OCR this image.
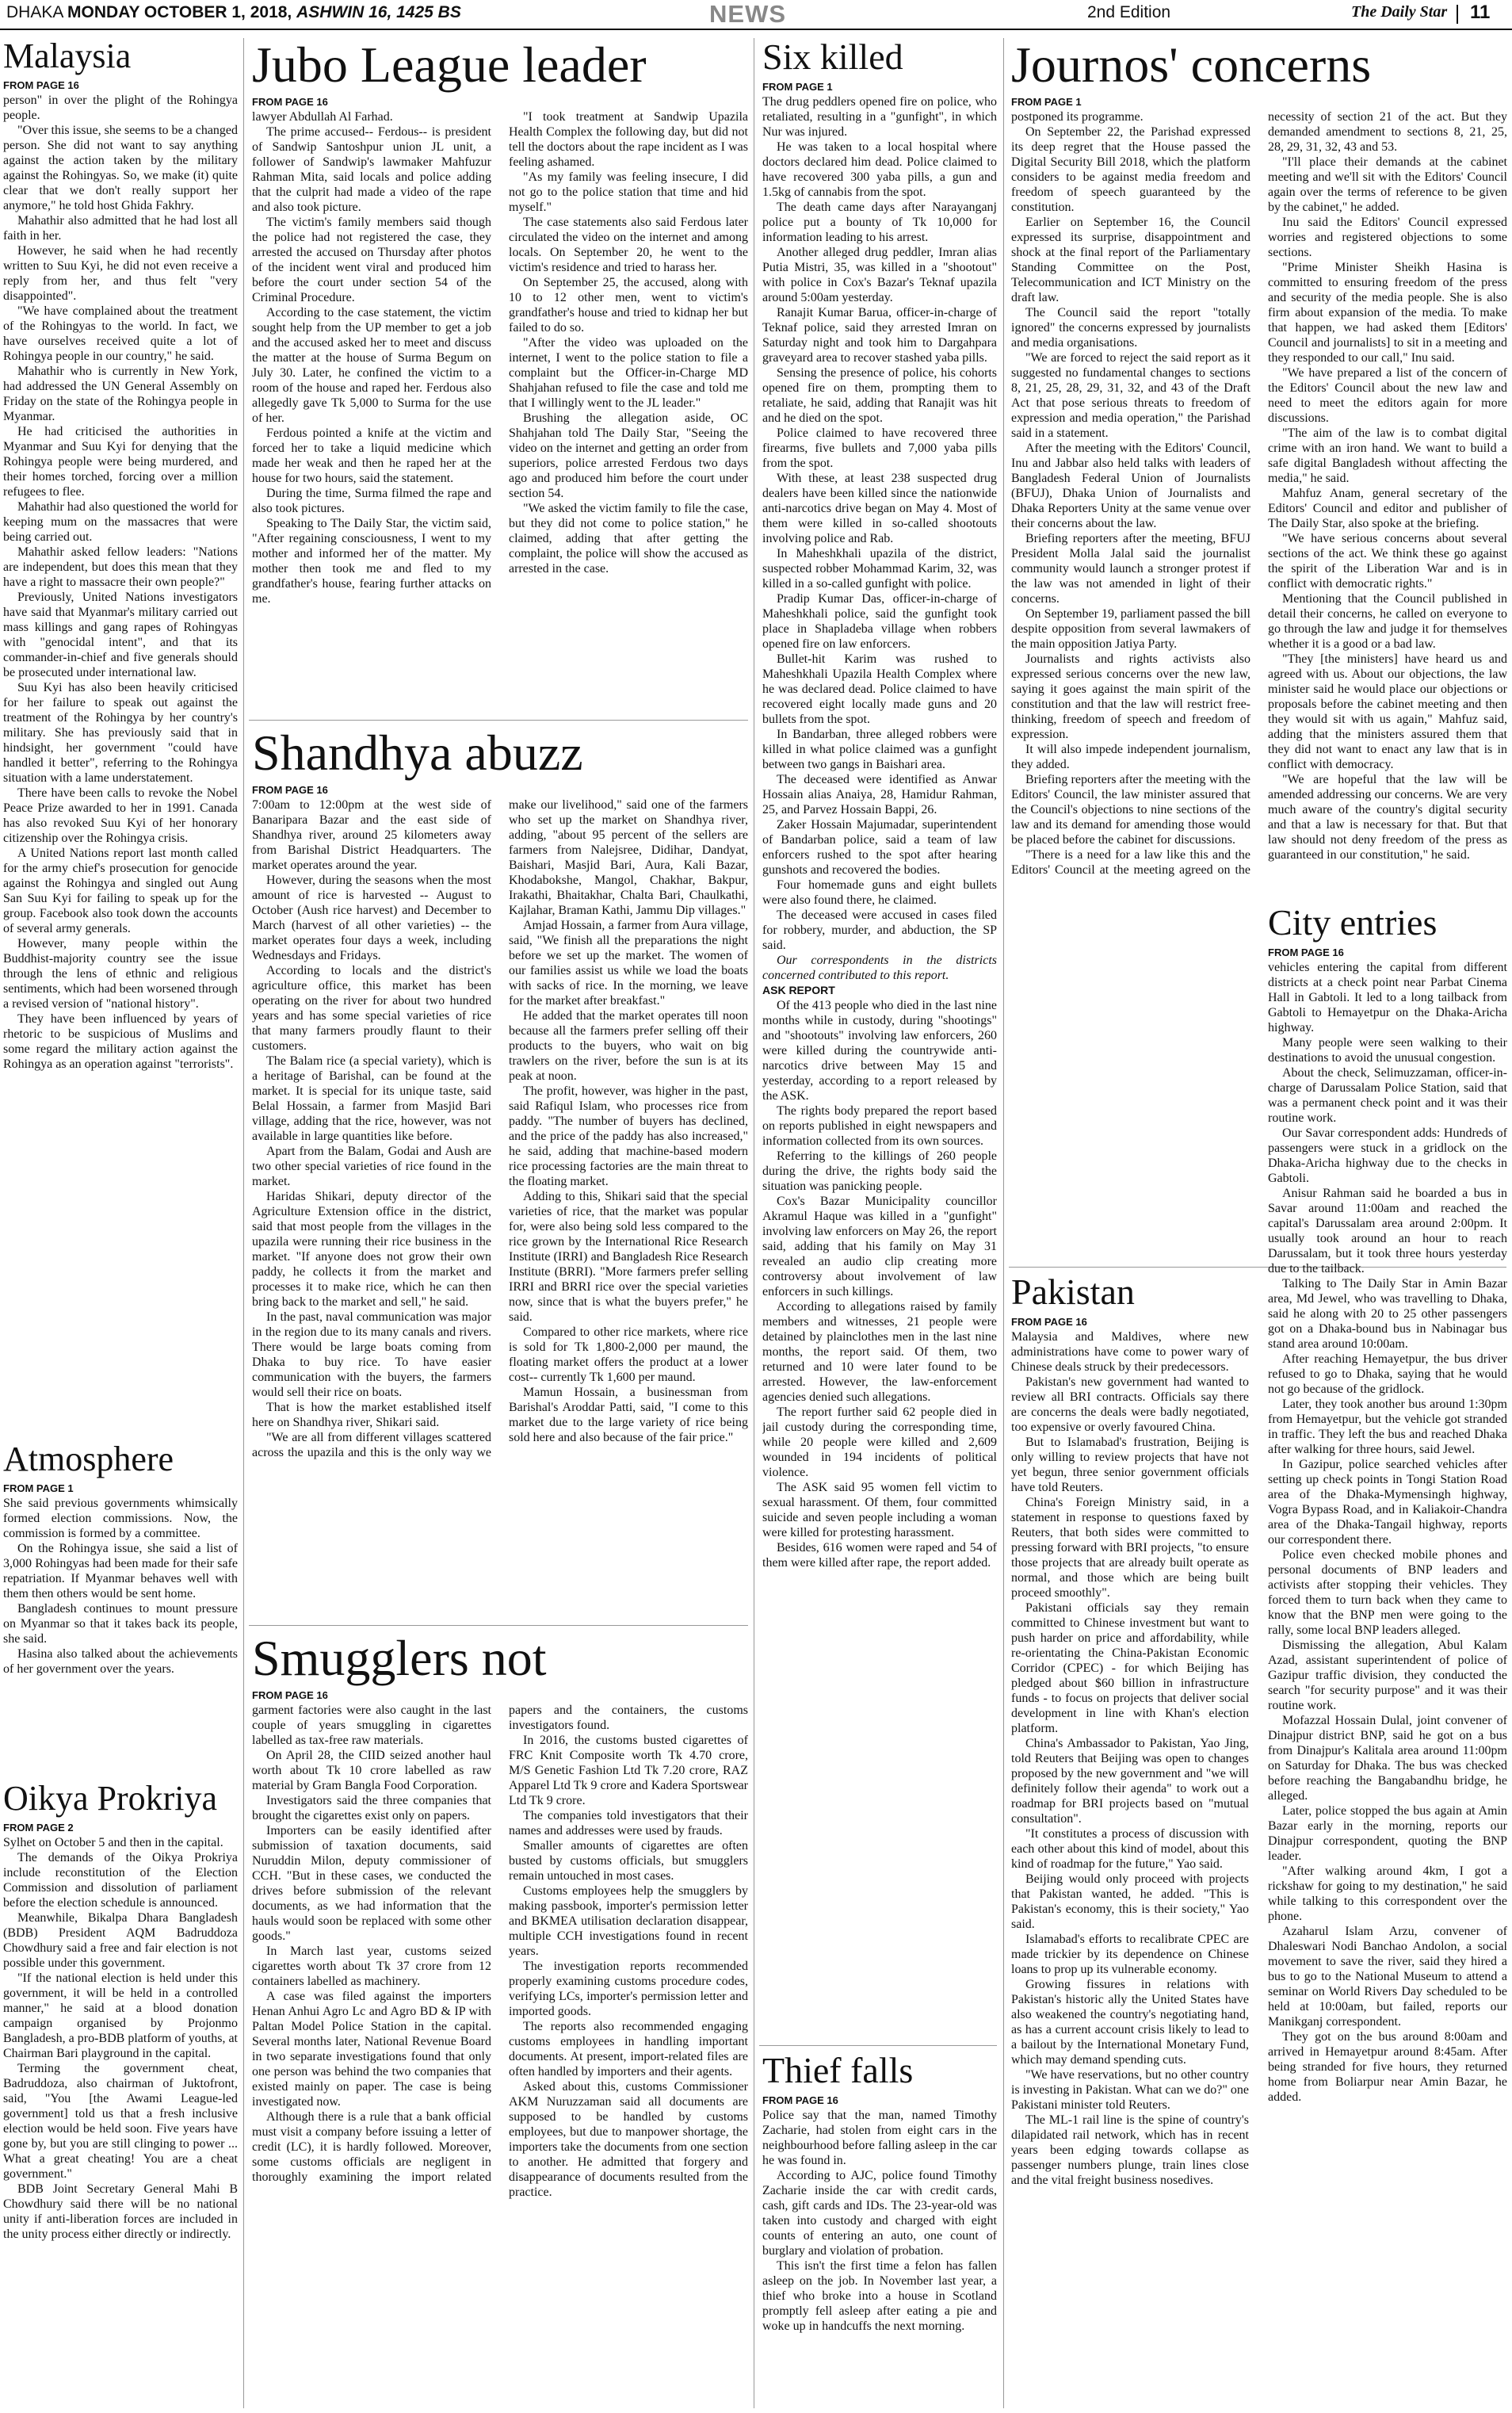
DHAKA MONDAY OCTOBER 1, 2018, ASHWIN 16, 1425 BS	NEWS	2nd Edition	The Daily Star 11
Malaysia
FROM PAGE 16

person" in over the plight of the Rohingya people.

"Over this issue, she seems to be a changed person. She did not want to say anything against the action taken by the military against the Rohingyas. So, we make (it) quite clear that we don't really support her anymore," he told host Ghida Fakhry.

Mahathir also admitted that he had lost all faith in her.

However, he said when he had recently written to Suu Kyi, he did not even receive a reply from her, and thus felt "very disappointed".

"We have complained about the treatment of the Rohingyas to the world. In fact, we have ourselves received quite a lot of Rohingya people in our country," he said.

Mahathir who is currently in New York, had addressed the UN General Assembly on Friday on the state of the Rohingya people in Myanmar.

He had criticised the authorities in Myanmar and Suu Kyi for denying that the Rohingya people were being murdered, and their homes torched, forcing over a million refugees to flee.

Mahathir had also questioned the world for keeping mum on the massacres that were being carried out.

Mahathir asked fellow leaders: "Nations are independent, but does this mean that they have a right to massacre their own people?"

Previously, United Nations investigators have said that Myanmar's military carried out mass killings and gang rapes of Rohingyas with "genocidal intent", and that its commander-in-chief and five generals should be prosecuted under international law.

Suu Kyi has also been heavily criticised for her failure to speak out against the treatment of the Rohingya by her country's military. She has previously said that in hindsight, her government "could have handled it better", referring to the Rohingya situation with a lame understatement.

There have been calls to revoke the Nobel Peace Prize awarded to her in 1991. Canada has also revoked Suu Kyi of her honorary citizenship over the Rohingya crisis.

A United Nations report last month called for the army chief's prosecution for genocide against the Rohingya and singled out Aung San Suu Kyi for failing to speak up for the group. Facebook also took down the accounts of several army generals.

However, many people within the Buddhist-majority country see the issue through the lens of ethnic and religious sentiments, which had been worsened through a revised version of "national history".

They have been influenced by years of rhetoric to be suspicious of Muslims and some regard the military action against the Rohingya as an operation against "terrorists".

Atmosphere
FROM PAGE 1

She said previous governments whimsically formed election commissions. Now, the commission is formed by a committee.

On the Rohingya issue, she said a list of 3,000 Rohingyas had been made for their safe repatriation. If Myanmar behaves well with them then others would be sent home.

Bangladesh continues to mount pressure on Myanmar so that it takes back its people, she said.

Hasina also talked about the achievements of her government over the years.

Oikya Prokriya
FROM PAGE 2

Sylhet on October 5 and then in the capital.

The demands of the Oikya Prokriya include reconstitution of the Election Commission and dissolution of parliament before the election schedule is announced.

Meanwhile, Bikalpa Dhara Bangladesh (BDB) President AQM Badruddoza Chowdhury said a free and fair election is not possible under this government.

"If the national election is held under this government, it will be held in a controlled manner," he said at a blood donation campaign organised by Projonmo Bangladesh, a pro-BDB platform of youths, at Chairman Bari playground in the capital.

Terming the government cheat, Badruddoza, also chairman of Juktofront, said, "You [the Awami League-led government] told us that a fresh inclusive election would be held soon. Five years have gone by, but you are still clinging to power ... What a great cheating! You are a cheat government."

BDB Joint Secretary General Mahi B Chowdhury said there will be no national unity if anti-liberation forces are included in the unity process either directly or indirectly.

Jubo League leader
FROM PAGE 16

lawyer Abdullah Al Farhad.

The prime accused-- Ferdous-- is president of Sandwip Santoshpur union JL unit, a follower of Sandwip's lawmaker Mahfuzur Rahman Mita, said locals and police adding that the culprit had made a video of the rape and also took picture.

The victim's family members said though the police had not registered the case, they arrested the accused on Thursday after photos of the incident went viral and produced him before the court under section 54 of the Criminal Procedure.

According to the case statement, the victim sought help from the UP member to get a job and the accused asked her to meet and discuss the matter at the house of Surma Begum on July 30. Later, he confined the victim to a room of the house and raped her. Ferdous also allegedly gave Tk 5,000 to Surma for the use of her.

Ferdous pointed a knife at the victim and forced her to take a liquid medicine which made her weak and then he raped her at the house for two hours, said the statement.

During the time, Surma filmed the rape and also took pictures.

Speaking to The Daily Star, the victim said, "After regaining consciousness, I went to my mother and informed her of the matter. My mother then took me and fled to my grandfather's house, fearing further attacks on me.

"I took treatment at Sandwip Upazila Health Complex the following day, but did not tell the doctors about the rape incident as I was feeling ashamed.

"As my family was feeling insecure, I did not go to the police station that time and hid myself."

The case statements also said Ferdous later circulated the video on the internet and among locals. On September 20, he went to the victim's residence and tried to harass her.

On September 25, the accused, along with 10 to 12 other men, went to victim's grandfather's house and tried to kidnap her but failed to do so.

"After the video was uploaded on the internet, I went to the police station to file a complaint but the Officer-in-Charge MD Shahjahan refused to file the case and told me that I willingly went to the JL leader."

Brushing the allegation aside, OC Shahjahan told The Daily Star, "Seeing the video on the internet and getting an order from superiors, police arrested Ferdous two days ago and produced him before the court under section 54.

"We asked the victim family to file the case, but they did not come to police station," he claimed, adding that after getting the complaint, the police will show the accused as arrested in the case.

Shandhya abuzz
FROM PAGE 16

7:00am to 12:00pm at the west side of Banaripara Bazar and the east side of Shandhya river, around 25 kilometers away from Barishal District Headquarters. The market operates around the year.

However, during the seasons when the most amount of rice is harvested -- August to October (Aush rice harvest) and December to March (harvest of all other varieties) -- the market operates four days a week, including Wednesdays and Fridays.

According to locals and the district's agriculture office, this market has been operating on the river for about two hundred years and has some special varieties of rice that many farmers proudly flaunt to their customers.

The Balam rice (a special variety), which is a heritage of Barishal, can be found at the market. It is special for its unique taste, said Belal Hossain, a farmer from Masjid Bari village, adding that the rice, however, was not available in large quantities like before.

Apart from the Balam, Godai and Aush are two other special varieties of rice found in the market.

Haridas Shikari, deputy director of the Agriculture Extension office in the district, said that most people from the villages in the upazila were running their rice business in the market. "If anyone does not grow their own paddy, he collects it from the market and processes it to make rice, which he can then bring back to the market and sell," he said.

In the past, naval communication was major in the region due to its many canals and rivers. There would be large boats coming from Dhaka to buy rice. To have easier communication with the buyers, the farmers would sell their rice on boats.

That is how the market established itself here on Shandhya river, Shikari said.

"We are all from different villages scattered across the upazila and this is the only way we make our livelihood," said one of the farmers who set up the market on Shandhya river, adding, "about 95 percent of the sellers are farmers from Nalejsree, Didihar, Dandyat, Baishari, Masjid Bari, Aura, Kali Bazar, Khodabokshe, Mangol, Chakhar, Bakpur, Irakathi, Bhaitakhar, Chalta Bari, Chaulkathi, Kajlahar, Braman Kathi, Jammu Dip villages."

Amjad Hossain, a farmer from Aura village, said, "We finish all the preparations the night before we set up the market. The women of our families assist us while we load the boats with sacks of rice. In the morning, we leave for the market after breakfast."

He added that the market operates till noon because all the farmers prefer selling off their products to the buyers, who wait on big trawlers on the river, before the sun is at its peak at noon.

The profit, however, was higher in the past, said Rafiqul Islam, who processes rice from paddy. "The number of buyers has declined, and the price of the paddy has also increased," he said, adding that machine-based modern rice processing factories are the main threat to the floating market.

Adding to this, Shikari said that the special varieties of rice, that the market was popular for, were also being sold less compared to the rice grown by the International Rice Research Institute (IRRI) and Bangladesh Rice Research Institute (BRRI). "More farmers prefer selling IRRI and BRRI rice over the special varieties now, since that is what the buyers prefer," he said.

Compared to other rice markets, where rice is sold for Tk 1,800-2,000 per maund, the floating market offers the product at a lower cost-- currently Tk 1,600 per maund.

Mamun Hossain, a businessman from Barishal's Aroddar Patti, said, "I come to this market due to the large variety of rice being sold here and also because of the fair price."

Smugglers not
FROM PAGE 16

garment factories were also caught in the last couple of years smuggling in cigarettes labelled as tax-free raw materials.

On April 28, the CIID seized another haul worth about Tk 10 crore labelled as raw material by Gram Bangla Food Corporation.

Investigators said the three companies that brought the cigarettes exist only on papers.

Importers can be easily identified after submission of taxation documents, said Nuruddin Milon, deputy commissioner of CCH. "But in these cases, we conducted the drives before submission of the relevant documents, as we had information that the hauls would soon be replaced with some other goods."

In March last year, customs seized cigarettes worth about Tk 37 crore from 12 containers labelled as machinery.

A case was filed against the importers Henan Anhui Agro Lc and Agro BD & IP with Paltan Model Police Station in the capital. Several months later, National Revenue Board in two separate investigations found that only one person was behind the two companies that existed mainly on paper. The case is being investigated now.

Although there is a rule that a bank official must visit a company before issuing a letter of credit (LC), it is hardly followed. Moreover, some customs officials are negligent in thoroughly examining the import related papers and the containers, the customs investigators found.

In 2016, the customs busted cigarettes of FRC Knit Composite worth Tk 4.70 crore, M/S Genetic Fashion Ltd Tk 7.20 crore, RAZ Apparel Ltd Tk 9 crore and Kadera Sportswear Ltd Tk 9 crore.

The companies told investigators that their names and addresses were used by frauds.

Smaller amounts of cigarettes are often busted by customs officials, but smugglers remain untouched in most cases.

Customs employees help the smugglers by making passbook, importer's permission letter and BKMEA utilisation declaration disappear, multiple CCH investigations found in recent years.

The investigation reports recommended properly examining customs procedure codes, verifying LCs, importer's permission letter and imported goods.

The reports also recommended engaging customs employees in handling important documents. At present, import-related files are often handled by importers and their agents.

Asked about this, customs Commissioner AKM Nuruzzaman said all documents are supposed to be handled by customs employees, but due to manpower shortage, the importers take the documents from one section to another. He admitted that forgery and disappearance of documents resulted from the practice.

Six killed
FROM PAGE 1

The drug peddlers opened fire on police, who retaliated, resulting in a "gunfight", in which Nur was injured.

He was taken to a local hospital where doctors declared him dead. Police claimed to have recovered 300 yaba pills, a gun and 1.5kg of cannabis from the spot.

The death came days after Narayanganj police put a bounty of Tk 10,000 for information leading to his arrest.

Another alleged drug peddler, Imran alias Putia Mistri, 35, was killed in a "shootout" with police in Cox's Bazar's Teknaf upazila around 5:00am yesterday.

Ranajit Kumar Barua, officer-in-charge of Teknaf police, said they arrested Imran on Saturday night and took him to Dargahpara graveyard area to recover stashed yaba pills.

Sensing the presence of police, his cohorts opened fire on them, prompting them to retaliate, he said, adding that Ranajit was hit and he died on the spot.

Police claimed to have recovered three firearms, five bullets and 7,000 yaba pills from the spot.

With these, at least 238 suspected drug dealers have been killed since the nationwide anti-narcotics drive began on May 4. Most of them were killed in so-called shootouts involving police and Rab.

In Maheshkhali upazila of the district, suspected robber Mohammad Karim, 32, was killed in a so-called gunfight with police.

Pradip Kumar Das, officer-in-charge of Maheshkhali police, said the gunfight took place in Shapladeba village when robbers opened fire on law enforcers.

Bullet-hit Karim was rushed to Maheshkhali Upazila Health Complex where he was declared dead. Police claimed to have recovered eight locally made guns and 20 bullets from the spot.

In Bandarban, three alleged robbers were killed in what police claimed was a gunfight between two gangs in Baishari area.

The deceased were identified as Anwar Hossain alias Anaiya, 28, Hamidur Rahman, 25, and Parvez Hossain Bappi, 26.

Zaker Hossain Majumadar, superintendent of Bandarban police, said a team of law enforcers rushed to the spot after hearing gunshots and recovered the bodies.

Four homemade guns and eight bullets were also found there, he claimed.

The deceased were accused in cases filed for robbery, murder, and abduction, the SP said.

Our correspondents in the districts concerned contributed to this report.

ASK REPORT

Of the 413 people who died in the last nine months while in custody, during "shootings" and "shootouts" involving law enforcers, 260 were killed during the countrywide anti-narcotics drive between May 15 and yesterday, according to a report released by the ASK.

The rights body prepared the report based on reports published in eight newspapers and information collected from its own sources.

Referring to the killings of 260 people during the drive, the rights body said the situation was panicking people.

Cox's Bazar Municipality councillor Akramul Haque was killed in a "gunfight" involving law enforcers on May 26, the report said, adding that his family on May 31 revealed an audio clip creating more controversy about involvement of law enforcers in such killings.

According to allegations raised by family members and witnesses, 21 people were detained by plainclothes men in the last nine months, the report said. Of them, two returned and 10 were later found to be arrested. However, the law-enforcement agencies denied such allegations.

The report further said 62 people died in jail custody during the corresponding time, while 20 people were killed and 2,609 wounded in 194 incidents of political violence.

The ASK said 95 women fell victim to sexual harassment. Of them, four committed suicide and seven people including a woman were killed for protesting harassment.

Besides, 616 women were raped and 54 of them were killed after rape, the report added.

Thief falls
FROM PAGE 16

Police say that the man, named Timothy Zacharie, had stolen from eight cars in the neighbourhood before falling asleep in the car he was found in.

According to AJC, police found Timothy Zacharie inside the car with credit cards, cash, gift cards and IDs. The 23-year-old was taken into custody and charged with eight counts of entering an auto, one count of burglary and violation of probation.

This isn't the first time a felon has fallen asleep on the job. In November last year, a thief who broke into a house in Scotland promptly fell asleep after eating a pie and woke up in handcuffs the next morning.

Journos' concerns
FROM PAGE 1

postponed its programme.

On September 22, the Parishad expressed its deep regret that the House passed the Digital Security Bill 2018, which the platform considers to be against media freedom and freedom of speech guaranteed by the constitution.

Earlier on September 16, the Council expressed its surprise, disappointment and shock at the final report of the Parliamentary Standing Committee on the Post, Telecommunication and ICT Ministry on the draft law.

The Council said the report "totally ignored" the concerns expressed by journalists and media organisations.

"We are forced to reject the said report as it suggested no fundamental changes to sections 8, 21, 25, 28, 29, 31, 32, and 43 of the Draft Act that pose serious threats to freedom of expression and media operation," the Parishad said in a statement.

After the meeting with the Editors' Council, Inu and Jabbar also held talks with leaders of Bangladesh Federal Union of Journalists (BFUJ), Dhaka Union of Journalists and Dhaka Reporters Unity at the same venue over their concerns about the law.

Briefing reporters after the meeting, BFUJ President Molla Jalal said the journalist community would launch a stronger protest if the law was not amended in light of their concerns.

On September 19, parliament passed the bill despite opposition from several lawmakers of the main opposition Jatiya Party.

Journalists and rights activists also expressed serious concerns over the new law, saying it goes against the main spirit of the constitution and that the law will restrict free-thinking, freedom of speech and freedom of expression.

It will also impede independent journalism, they added.

Briefing reporters after the meeting with the Editors' Council, the law minister assured that the Council's objections to nine sections of the law and its demand for amending those would be placed before the cabinet for discussions.

"There is a need for a law like this and the Editors' Council at the meeting agreed on the necessity of section 21 of the act. But they demanded amendment to sections 8, 21, 25, 28, 29, 31, 32, 43 and 53.

"I'll place their demands at the cabinet meeting and we'll sit with the Editors' Council again over the terms of reference to be given by the cabinet," he added.

Inu said the Editors' Council expressed worries and registered objections to some sections.

"Prime Minister Sheikh Hasina is committed to ensuring freedom of the press and security of the media people. She is also firm about expansion of the media. To make that happen, we had asked them [Editors' Council and journalists] to sit in a meeting and they responded to our call," Inu said.

"We have prepared a list of the concern of the Editors' Council about the new law and need to meet the editors again for more discussions.

"The aim of the law is to combat digital crime with an iron hand. We want to build a safe digital Bangladesh without affecting the media," he said.

Mahfuz Anam, general secretary of the Editors' Council and editor and publisher of The Daily Star, also spoke at the briefing.

"We have serious concerns about several sections of the act. We think these go against the spirit of the Liberation War and is in conflict with democratic rights."

Mentioning that the Council published in detail their concerns, he called on everyone to go through the law and judge it for themselves whether it is a good or a bad law.

"They [the ministers] have heard us and agreed with us. About our objections, the law minister said he would place our objections or proposals before the cabinet meeting and then they would sit with us again," Mahfuz said, adding that the ministers assured them that they did not want to enact any law that is in conflict with democracy.

"We are hopeful that the law will be amended addressing our concerns. We are very much aware of the country's digital security and that a law is necessary for that. But that law should not deny freedom of the press as guaranteed in our constitution," he said.

Pakistan
FROM PAGE 16

Malaysia and Maldives, where new administrations have come to power wary of Chinese deals struck by their predecessors.

Pakistan's new government had wanted to review all BRI contracts. Officials say there are concerns the deals were badly negotiated, too expensive or overly favoured China.

But to Islamabad's frustration, Beijing is only willing to review projects that have not yet begun, three senior government officials have told Reuters.

China's Foreign Ministry said, in a statement in response to questions faxed by Reuters, that both sides were committed to pressing forward with BRI projects, "to ensure those projects that are already built operate as normal, and those which are being built proceed smoothly".

Pakistani officials say they remain committed to Chinese investment but want to push harder on price and affordability, while re-orientating the China-Pakistan Economic Corridor (CPEC) - for which Beijing has pledged about $60 billion in infrastructure funds - to focus on projects that deliver social development in line with Khan's election platform.

China's Ambassador to Pakistan, Yao Jing, told Reuters that Beijing was open to changes proposed by the new government and "we will definitely follow their agenda" to work out a roadmap for BRI projects based on "mutual consultation".

"It constitutes a process of discussion with each other about this kind of model, about this kind of roadmap for the future," Yao said.

Beijing would only proceed with projects that Pakistan wanted, he added. "This is Pakistan's economy, this is their society," Yao said.

Islamabad's efforts to recalibrate CPEC are made trickier by its dependence on Chinese loans to prop up its vulnerable economy.

Growing fissures in relations with Pakistan's historic ally the United States have also weakened the country's negotiating hand, as has a current account crisis likely to lead to a bailout by the International Monetary Fund, which may demand spending cuts.

"We have reservations, but no other country is investing in Pakistan. What can we do?" one Pakistani minister told Reuters.

The ML-1 rail line is the spine of country's dilapidated rail network, which has in recent years been edging towards collapse as passenger numbers plunge, train lines close and the vital freight business nosedives.

City entries
FROM PAGE 16

vehicles entering the capital from different districts at a check point near Parbat Cinema Hall in Gabtoli. It led to a long tailback from Gabtoli to Hemayetpur on the Dhaka-Aricha highway.

Many people were seen walking to their destinations to avoid the unusual congestion.

About the check, Selimuzzaman, officer-in-charge of Darussalam Police Station, said that was a permanent check point and it was their routine work.

Our Savar correspondent adds: Hundreds of passengers were stuck in a gridlock on the Dhaka-Aricha highway due to the checks in Gabtoli.

Anisur Rahman said he boarded a bus in Savar around 11:00am and reached the capital's Darussalam area around 2:00pm. It usually took around an hour to reach Darussalam, but it took three hours yesterday due to the tailback.

Talking to The Daily Star in Amin Bazar area, Md Jewel, who was travelling to Dhaka, said he along with 20 to 25 other passengers got on a Dhaka-bound bus in Nabinagar bus stand area around 10:00am.

After reaching Hemayetpur, the bus driver refused to go to Dhaka, saying that he would not go because of the gridlock.

Later, they took another bus around 1:30pm from Hemayetpur, but the vehicle got stranded in traffic. They left the bus and reached Dhaka after walking for three hours, said Jewel.

In Gazipur, police searched vehicles after setting up check points in Tongi Station Road area of the Dhaka-Mymensingh highway, Vogra Bypass Road, and in Kaliakoir-Chandra area of the Dhaka-Tangail highway, reports our correspondent there.

Police even checked mobile phones and personal documents of BNP leaders and activists after stopping their vehicles. They forced them to turn back when they came to know that the BNP men were going to the rally, some local BNP leaders alleged.

Dismissing the allegation, Abul Kalam Azad, assistant superintendent of police of Gazipur traffic division, they conducted the search "for security purpose" and it was their routine work.

Mofazzal Hossain Dulal, joint convener of Dinajpur district BNP, said he got on a bus from Dinajpur's Kalitala area around 11:00pm on Saturday for Dhaka. The bus was checked before reaching the Bangabandhu bridge, he alleged.

Later, police stopped the bus again at Amin Bazar early in the morning, reports our Dinajpur correspondent, quoting the BNP leader.

"After walking around 4km, I got a rickshaw for going to my destination," he said while talking to this correspondent over the phone.

Azaharul Islam Arzu, convener of Dhaleswari Nodi Banchao Andolon, a social movement to save the river, said they hired a bus to go to the National Museum to attend a seminar on World Rivers Day scheduled to be held at 10:00am, but failed, reports our Manikganj correspondent.

They got on the bus around 8:00am and arrived in Hemayetpur around 8:45am. After being stranded for five hours, they returned home from Boliarpur near Amin Bazar, he added.
